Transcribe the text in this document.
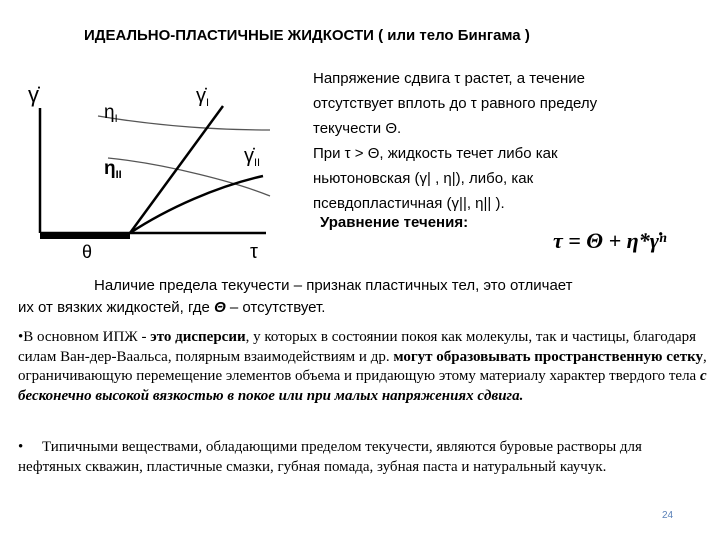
ИДЕАЛЬНО-ПЛАСТИЧНЫЕ ЖИДКОСТИ ( или тело Бингама )
γ̇
τ
θ
$\eta_I$
$\eta_{II}$
$\gammȧ_I$
$\gammȧ_{II}$
Напряжение сдвига τ растет, а течение
отсутствует вплоть до τ равного пределу
текучести Θ.
При τ > Θ, жидкость течет либо как
ньютоновская (γ| , η|), либо, как
псевдопластичная (γ||, η|| ).
Уравнение течения:
τ = Θ + η*γ̇ⁿ
Наличие предела текучести – признак пластичных тел, это отличает
их от вязких жидкостей, где Θ – отсутствует.
•В основном ИПЖ - это дисперсии, у которых в состоянии покоя как молекулы, так и частицы, благодаря силам Ван-дер-Ваальса, полярным взаимодействиям и др. могут образовывать пространственную сетку, ограничивающую перемещение элементов объема и придающую этому материалу характер твердого тела с бесконечно высокой вязкостью в покое или при малых напряжениях сдвига.
• Типичными веществами, обладающими пределом текучести, являются буровые растворы для нефтяных скважин, пластичные смазки, губная помада, зубная паста и натуральный каучук.
24
